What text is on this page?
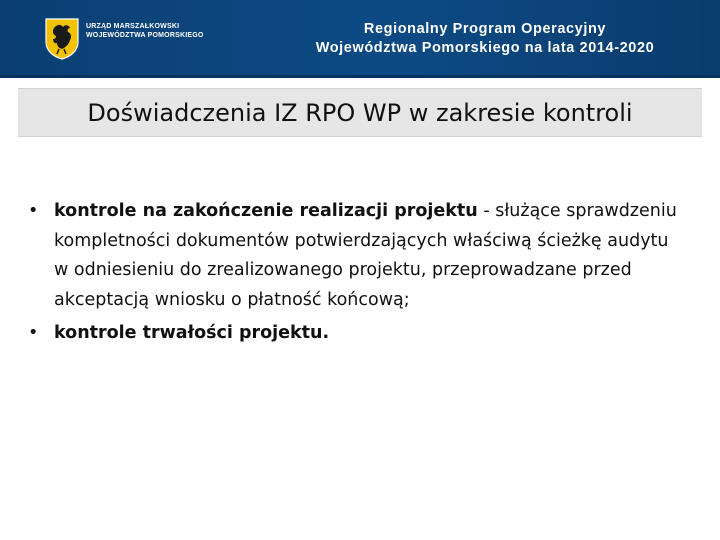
URZĄD MARSZAŁKOWSKI
WOJEWÓDZTWA POMORSKIEGO	Regionalny Program Operacyjny
Województwa Pomorskiego na lata 2014-2020
Doświadczenia IZ RPO WP w zakresie kontroli
• kontrole na zakończenie realizacji projektu - służące sprawdzeniu kompletności dokumentów potwierdzających właściwą ścieżkę audytu w odniesieniu do zrealizowanego projektu, przeprowadzane przed akceptacją wniosku o płatność końcową;
• kontrole trwałości projektu.
